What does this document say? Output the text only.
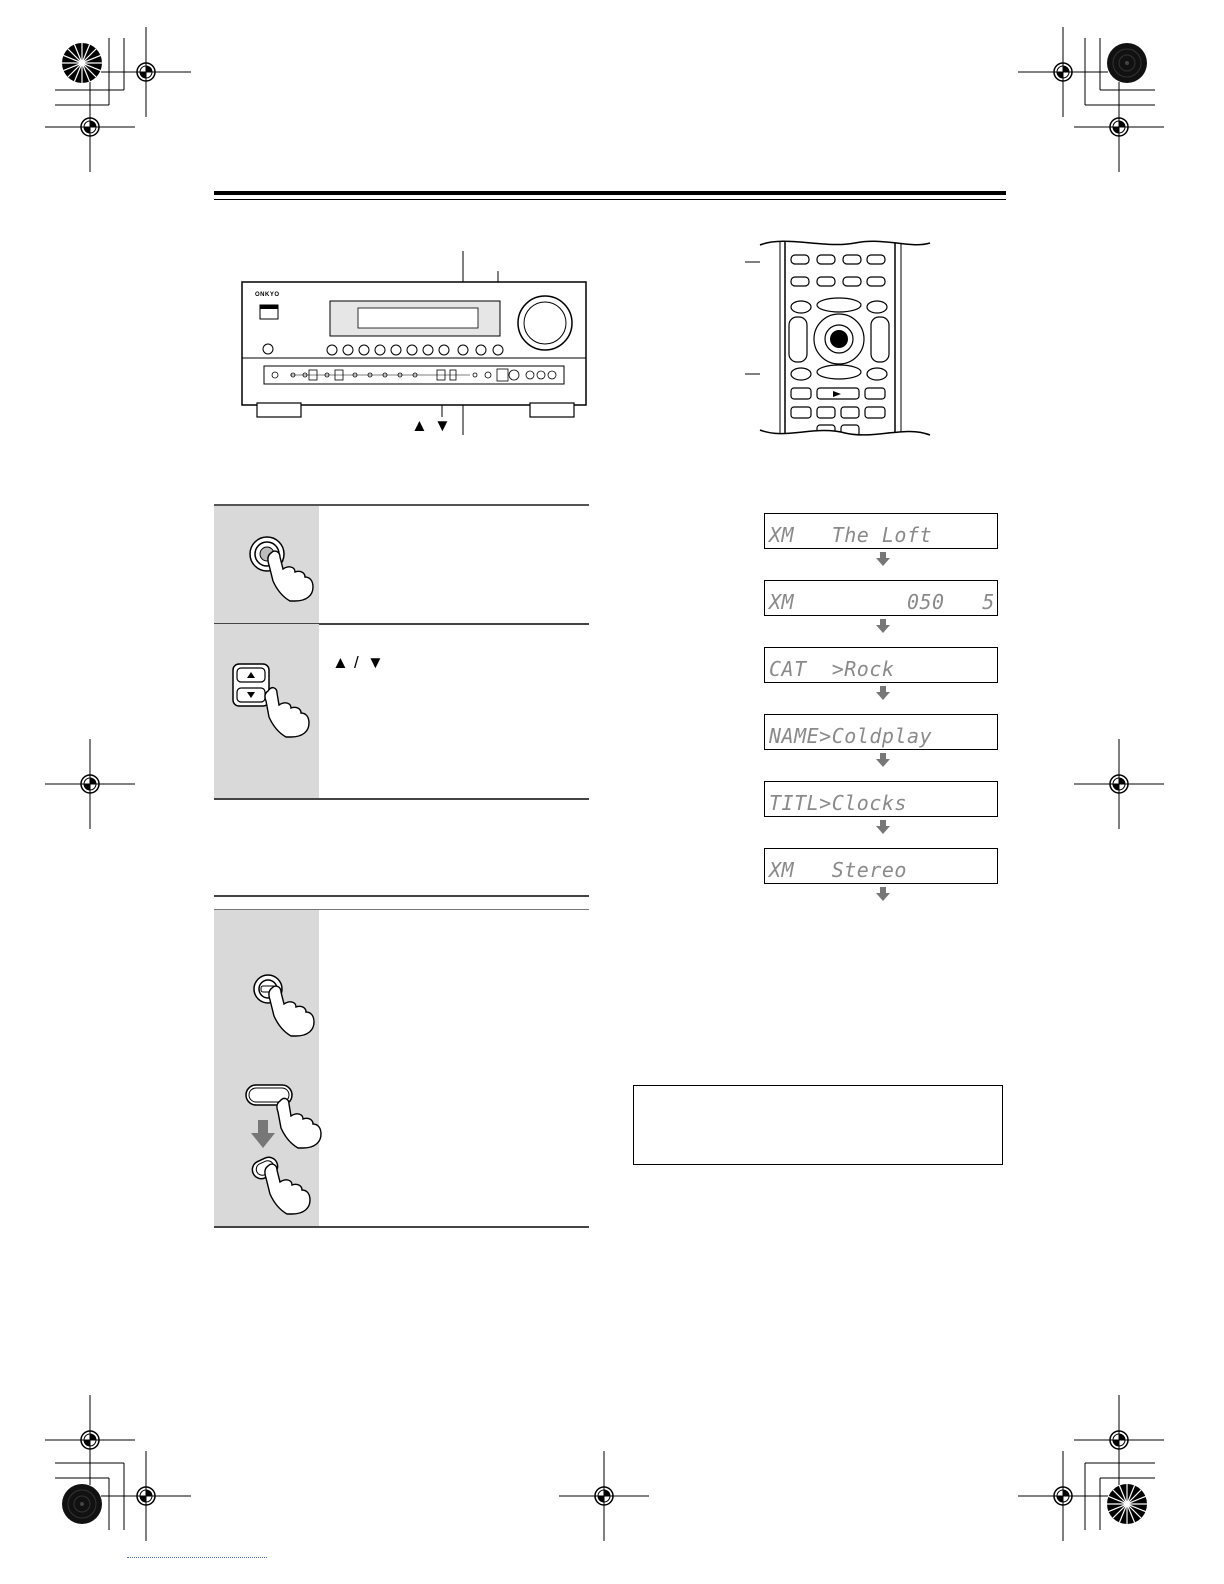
ONKYO
▲ ▼
▲ / ▼
XM   The Loft
XM         050   5
CAT  >Rock
NAME>Coldplay
TITL>Clocks
XM   Stereo
